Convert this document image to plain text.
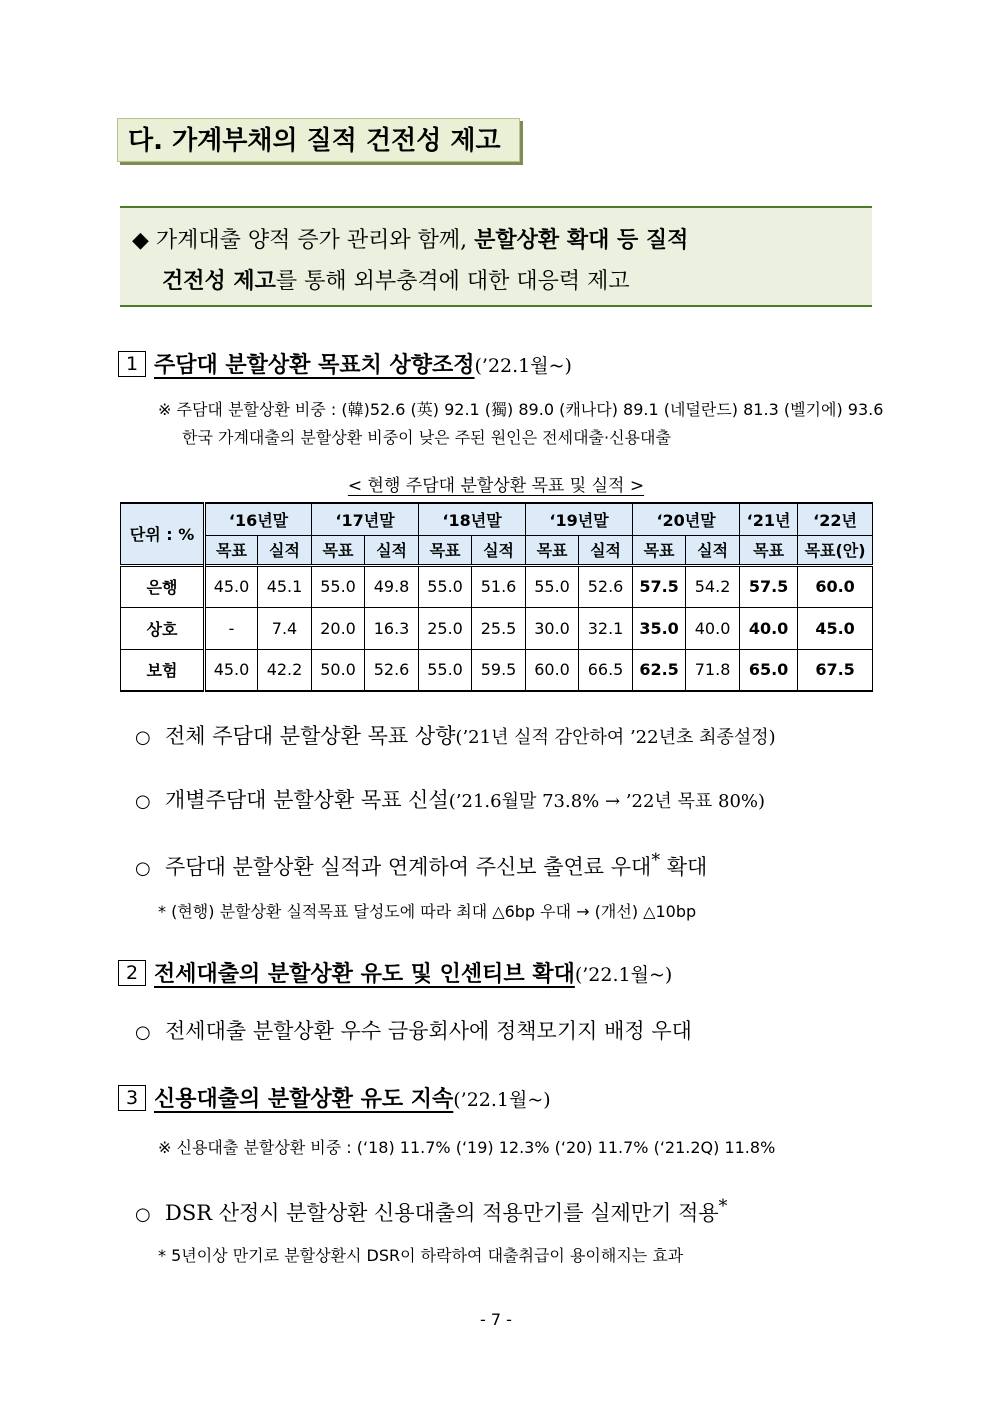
다. 가계부채의 질적 건전성 제고
◆ 가계대출 양적 증가 관리와 함께, 분할상환 확대 등 질적
건전성 제고를 통해 외부충격에 대한 대응력 제고
1 주담대 분할상환 목표치 상향조정(’22.1월~)
※ 주담대 분할상환 비중 : (韓)52.6 (英) 92.1 (獨) 89.0 (캐나다) 89.1 (네덜란드) 81.3 (벨기에) 93.6
한국 가계대출의 분할상환 비중이 낮은 주된 원인은 전세대출·신용대출
< 현행 주담대 분할상환 목표 및 실적 >
단위 : %	‘16년말		‘17년말		‘18년말		‘19년말		‘20년말		‘21년	‘22년
	목표	실적	목표	실적	목표	실적	목표	실적	목표	실적	목표	목표(안)
은행	45.0	45.1	55.0	49.8	55.0	51.6	55.0	52.6	57.5	54.2	57.5	60.0
상호	-	7.4	20.0	16.3	25.0	25.5	30.0	32.1	35.0	40.0	40.0	45.0
보험	45.0	42.2	50.0	52.6	55.0	59.5	60.0	66.5	62.5	71.8	65.0	67.5
○ 전체 주담대 분할상환 목표 상향(’21년 실적 감안하여 ’22년초 최종설정)
○ 개별주담대 분할상환 목표 신설(’21.6월말 73.8% → ’22년 목표 80%)
○ 주담대 분할상환 실적과 연계하여 주신보 출연료 우대* 확대
* (현행) 분할상환 실적목표 달성도에 따라 최대 △6bp 우대 → (개선) △10bp
2 전세대출의 분할상환 유도 및 인센티브 확대(’22.1월~)
○ 전세대출 분할상환 우수 금융회사에 정책모기지 배정 우대
3 신용대출의 분할상환 유도 지속(’22.1월~)
※ 신용대출 분할상환 비중 : (‘18) 11.7% (‘19) 12.3% (‘20) 11.7% (‘21.2Q) 11.8%
○ DSR 산정시 분할상환 신용대출의 적용만기를 실제만기 적용*
* 5년이상 만기로 분할상환시 DSR이 하락하여 대출취급이 용이해지는 효과
- 7 -
